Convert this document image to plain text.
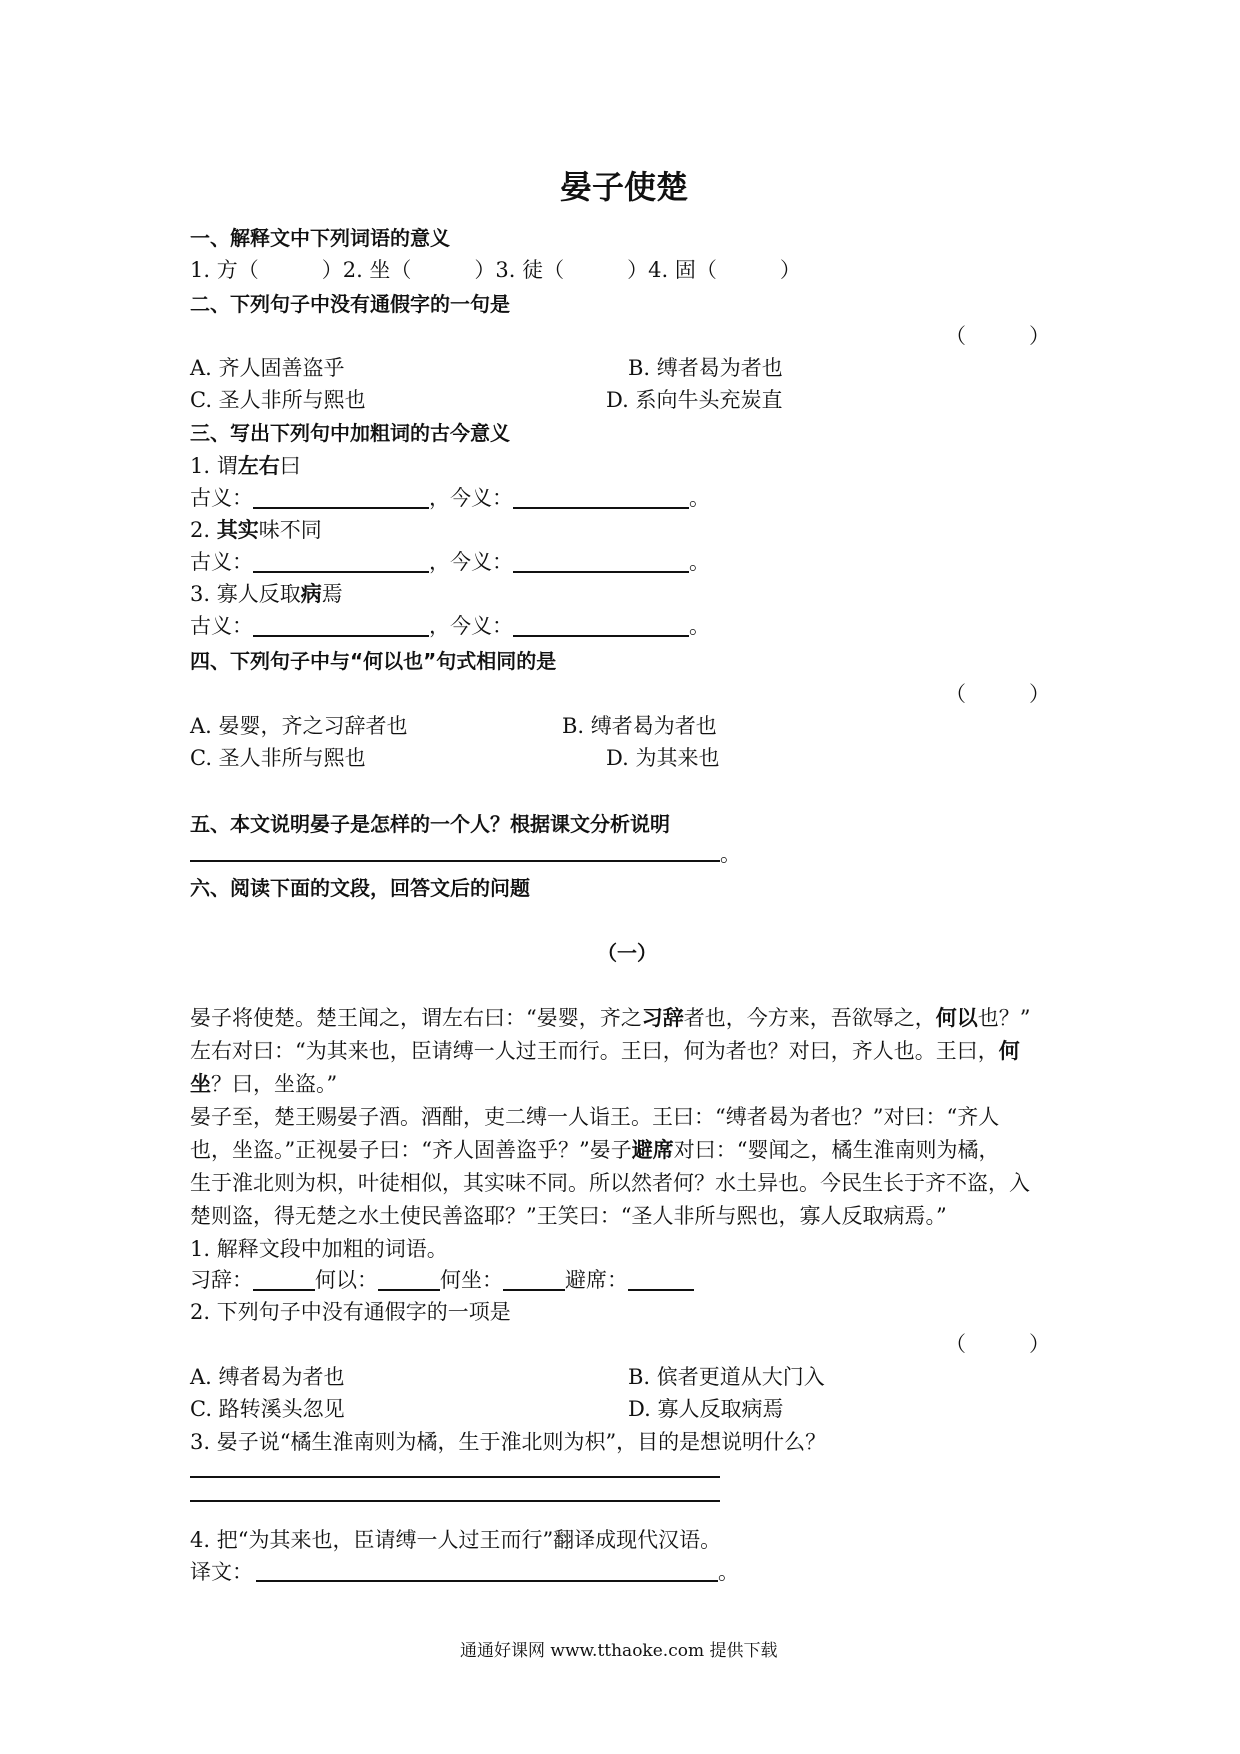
晏子使楚
一、解释文中下列词语的意义
1. 方（　　　）2. 坐（　　　）3. 徒（　　　）4. 固（　　　）
二、下列句子中没有通假字的一句是
（　　　）
A. 齐人固善盗乎	B. 缚者曷为者也
C. 圣人非所与熙也	D. 系向牛头充炭直
三、写出下列句中加粗词的古今意义
1. 谓左右曰
古义：	，今义：	。
2. 其实味不同
古义：	，今义：	。
3. 寡人反取病焉
古义：	，今义：	。
四、下列句子中与“何以也”句式相同的是
（　　　）
A. 晏婴，齐之习辞者也	B. 缚者曷为者也
C. 圣人非所与熙也	D. 为其来也
五、本文说明晏子是怎样的一个人？根据课文分析说明
。
六、阅读下面的文段，回答文后的问题
（一）
晏子将使楚。楚王闻之，谓左右曰：“晏婴，齐之习辞者也，今方来，吾欲辱之，何以也？”
左右对曰：“为其来也，臣请缚一人过王而行。王曰，何为者也？对曰，齐人也。王曰，何
坐？曰，坐盗。”
晏子至，楚王赐晏子酒。酒酣，吏二缚一人诣王。王曰：“缚者曷为者也？”对曰：“齐人
也，坐盗。”正视晏子曰：“齐人固善盗乎？”晏子避席对曰：“婴闻之，橘生淮南则为橘，
生于淮北则为枳，叶徒相似，其实味不同。所以然者何？水土异也。今民生长于齐不盗，入
楚则盗，得无楚之水土使民善盗耶？”王笑曰：“圣人非所与熙也，寡人反取病焉。”
1. 解释文段中加粗的词语。
习辞：	何以：	何坐：	避席：
2. 下列句子中没有通假字的一项是
（　　　）
A. 缚者曷为者也	B. 傧者更道从大门入
C. 路转溪头忽见	D. 寡人反取病焉
3. 晏子说“橘生淮南则为橘，生于淮北则为枳”，目的是想说明什么？
4. 把“为其来也，臣请缚一人过王而行”翻译成现代汉语。
译文：	。
通通好课网 www.tthaoke.com 提供下载
